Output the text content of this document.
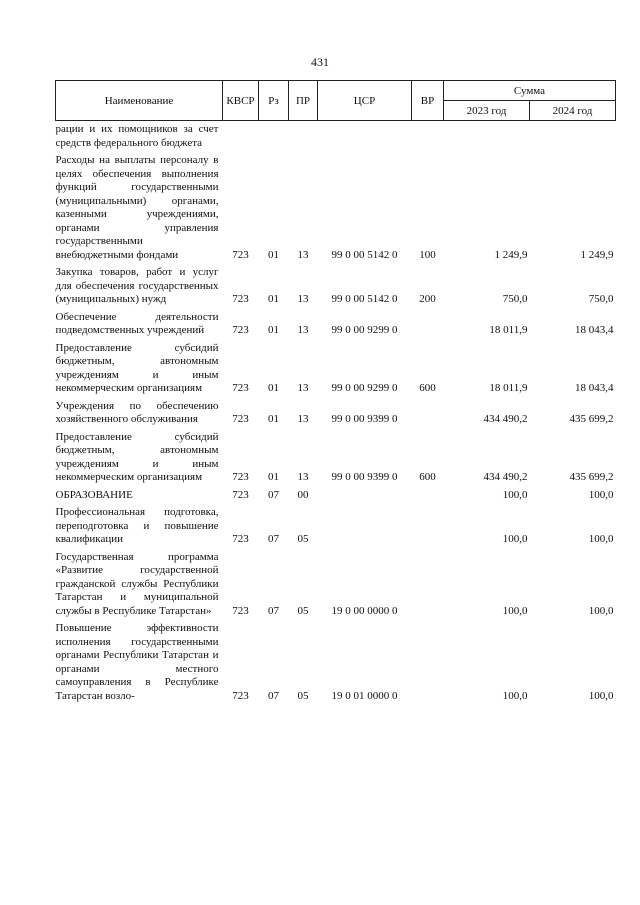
431
Наименование	КВСР	Рз	ПР	ЦСР	ВР	Сумма	
						2023 год	2024 год
рации и их помощников за счет средств федерального бюджета							
Расходы на выплаты персоналу в целях обеспечения выполнения функций государственными (муниципальными) органами, казенными учреждениями, органами управления государственными внебюджетными фондами	723	01	13	99 0 00 5142 0	100	1 249,9	1 249,9
Закупка товаров, работ и услуг для обеспечения государственных (муниципальных) нужд	723	01	13	99 0 00 5142 0	200	750,0	750,0
Обеспечение деятельности подведомственных учреждений	723	01	13	99 0 00 9299 0		18 011,9	18 043,4
Предоставление субсидий бюджетным, автономным учреждениям и иным некоммерческим организациям	723	01	13	99 0 00 9299 0	600	18 011,9	18 043,4
Учреждения по обеспечению хозяйственного обслуживания	723	01	13	99 0 00 9399 0		434 490,2	435 699,2
Предоставление субсидий бюджетным, автономным учреждениям и иным некоммерческим организациям	723	01	13	99 0 00 9399 0	600	434 490,2	435 699,2
ОБРАЗОВАНИЕ	723	07	00			100,0	100,0
Профессиональная подготовка, переподготовка и повышение квалификации	723	07	05			100,0	100,0
Государственная программа «Развитие государственной гражданской службы Республики Татарстан и муниципальной службы в Республике Татарстан»	723	07	05	19 0 00 0000 0		100,0	100,0
Повышение эффективности исполнения государственными органами Республики Татарстан и органами местного самоуправления в Республике Татарстан возло-	723	07	05	19 0 01 0000 0		100,0	100,0
